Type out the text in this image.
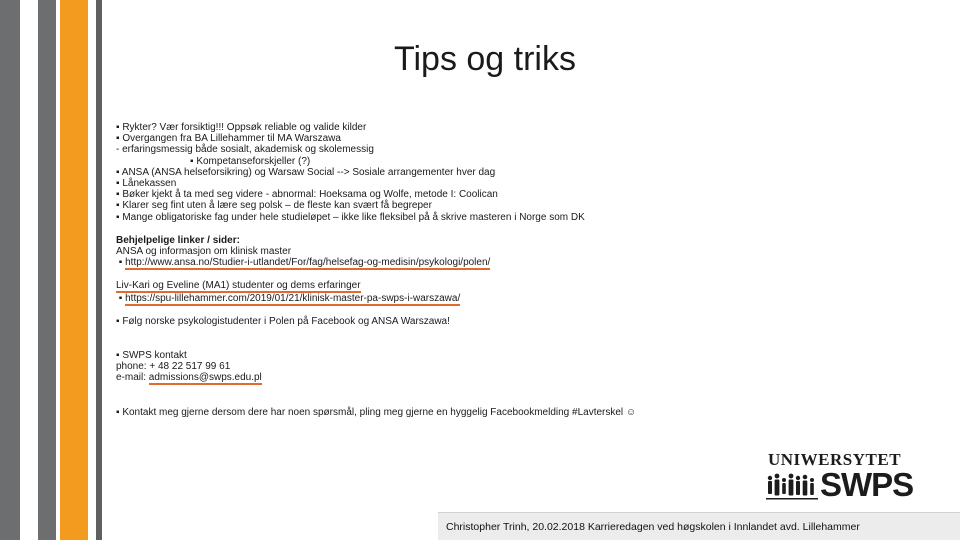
Tips og triks
▪ Rykter? Vær forsiktig!!! Oppsøk reliable og valide kilder
▪ Overgangen fra BA Lillehammer til MA Warszawa
- erfaringsmessig både sosialt, akademisk og skolemessig
▪ Kompetanseforskjeller (?)
▪ ANSA (ANSA helseforsikring) og Warsaw Social --> Sosiale arrangementer hver dag
▪ Lånekassen
▪ Bøker kjekt å ta med seg videre - abnormal: Hoeksama og Wolfe, metode I: Coolican
▪ Klarer seg fint uten å lære seg polsk – de fleste kan svært få begreper
▪ Mange obligatoriske fag under hele studieløpet – ikke like fleksibel på å skrive masteren i Norge som DK
Behjelpelige linker / sider:
ANSA og informasjon om klinisk master
▪ http://www.ansa.no/Studier-i-utlandet/For/fag/helsefag-og-medisin/psykologi/polen/
Liv-Kari og Eveline (MA1) studenter og dems erfaringer
▪ https://spu-lillehammer.com/2019/01/21/klinisk-master-pa-swps-i-warszawa/
▪ Følg norske psykologistudenter i Polen på Facebook og ANSA Warszawa!
▪ SWPS kontakt
phone: + 48 22 517 99 61
e-mail: admissions@swps.edu.pl
▪ Kontakt meg gjerne dersom dere har noen spørsmål, pling meg gjerne en hyggelig Facebookmelding #Lavterskel ☺
UNIWERSYTET
SWPS
Christopher Trinh, 20.02.2018 Karrieredagen ved høgskolen i Innlandet avd. Lillehammer
